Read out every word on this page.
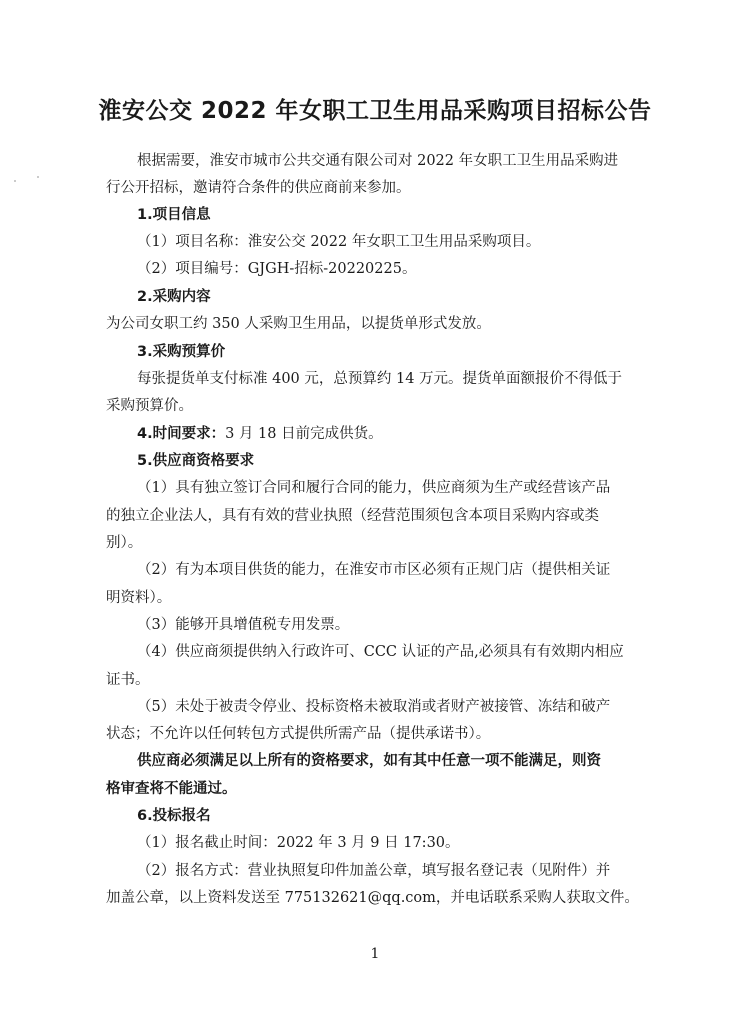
淮安公交 2022 年女职工卫生用品采购项目招标公告

根据需要，淮安市城市公共交通有限公司对 2022 年女职工卫生用品采购进

行公开招标，邀请符合条件的供应商前来参加。

1.项目信息

（1）项目名称：淮安公交 2022 年女职工卫生用品采购项目。

（2）项目编号：GJGH-招标-20220225。

2.采购内容

为公司女职工约 350 人采购卫生用品，以提货单形式发放。

3.采购预算价

每张提货单支付标准 400 元，总预算约 14 万元。提货单面额报价不得低于

采购预算价。

4.时间要求：3 月 18 日前完成供货。

5.供应商资格要求

（1）具有独立签订合同和履行合同的能力，供应商须为生产或经营该产品

的独立企业法人，具有有效的营业执照（经营范围须包含本项目采购内容或类

别）。

（2）有为本项目供货的能力，在淮安市市区必须有正规门店（提供相关证

明资料）。

（3）能够开具增值税专用发票。

（4）供应商须提供纳入行政许可、CCC 认证的产品,必须具有有效期内相应

证书。

（5）未处于被责令停业、投标资格未被取消或者财产被接管、冻结和破产

状态；不允许以任何转包方式提供所需产品（提供承诺书）。

供应商必须满足以上所有的资格要求，如有其中任意一项不能满足，则资

格审查将不能通过。

6.投标报名

（1）报名截止时间：2022 年 3 月 9 日 17:30。

（2）报名方式：营业执照复印件加盖公章，填写报名登记表（见附件）并

加盖公章，以上资料发送至 775132621@qq.com，并电话联系采购人获取文件。

1
